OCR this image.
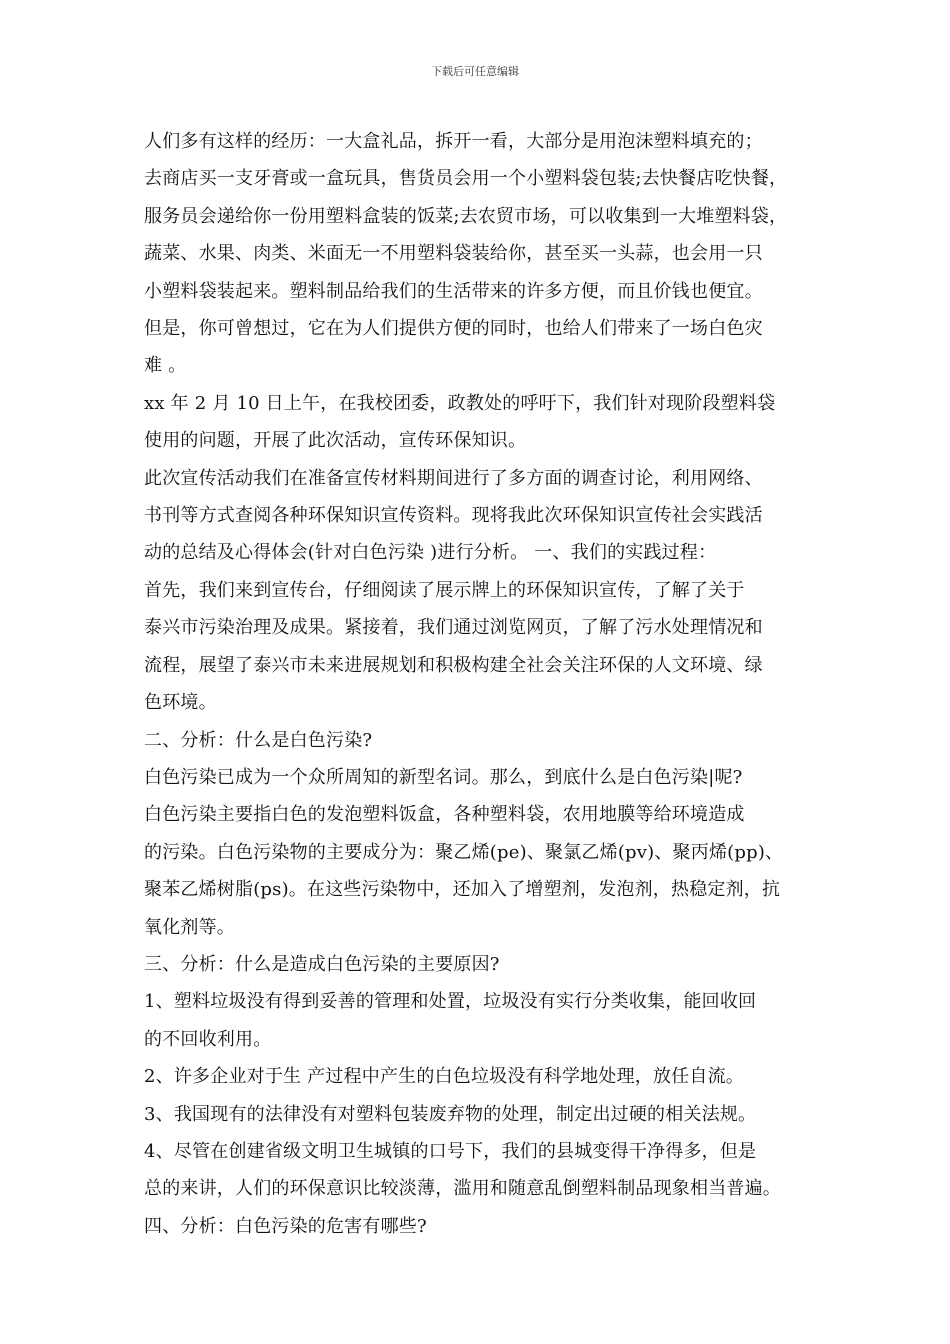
下载后可任意编辑

人们多有这样的经历：一大盒礼品，拆开一看，大部分是用泡沫塑料填充的；
去商店买一支牙膏或一盒玩具，售货员会用一个小塑料袋包装;去快餐店吃快餐，
服务员会递给你一份用塑料盒装的饭菜;去农贸市场，可以收集到一大堆塑料袋，
蔬菜、水果、肉类、米面无一不用塑料袋装给你，甚至买一头蒜，也会用一只
小塑料袋装起来。塑料制品给我们的生活带来的许多方便，而且价钱也便宜。
但是，你可曾想过，它在为人们提供方便的同时，也给人们带来了一场白色灾
难 。

xx 年 2 月 10 日上午，在我校团委，政教处的呼吁下，我们针对现阶段塑料袋
使用的问题，开展了此次活动，宣传环保知识。

此次宣传活动我们在准备宣传材料期间进行了多方面的调查讨论，利用网络、
书刊等方式查阅各种环保知识宣传资料。现将我此次环保知识宣传社会实践活
动的总结及心得体会(针对白色污染 )进行分析。 一、我们的实践过程：

首先，我们来到宣传台，仔细阅读了展示牌上的环保知识宣传，了解了关于
泰兴市污染治理及成果。紧接着，我们通过浏览网页，了解了污水处理情况和
流程，展望了泰兴市未来进展规划和积极构建全社会关注环保的人文环境、绿
色环境。

二、分析：什么是白色污染?

白色污染已成为一个众所周知的新型名词。那么，到底什么是白色污染|呢?

白色污染主要指白色的发泡塑料饭盒，各种塑料袋，农用地膜等给环境造成
的污染。白色污染物的主要成分为：聚乙烯(pe)、聚氯乙烯(pv)、聚丙烯(pp)、
聚苯乙烯树脂(ps)。在这些污染物中，还加入了增塑剂，发泡剂，热稳定剂，抗
氧化剂等。

三、分析：什么是造成白色污染的主要原因?

1、塑料垃圾没有得到妥善的管理和处置，垃圾没有实行分类收集，能回收回
的不回收利用。

2、许多企业对于生 产过程中产生的白色垃圾没有科学地处理，放任自流。

3、我国现有的法律没有对塑料包装废弃物的处理，制定出过硬的相关法规。

4、尽管在创建省级文明卫生城镇的口号下，我们的县城变得干净得多，但是
总的来讲，人们的环保意识比较淡薄，滥用和随意乱倒塑料制品现象相当普遍。

四、分析：白色污染的危害有哪些?
